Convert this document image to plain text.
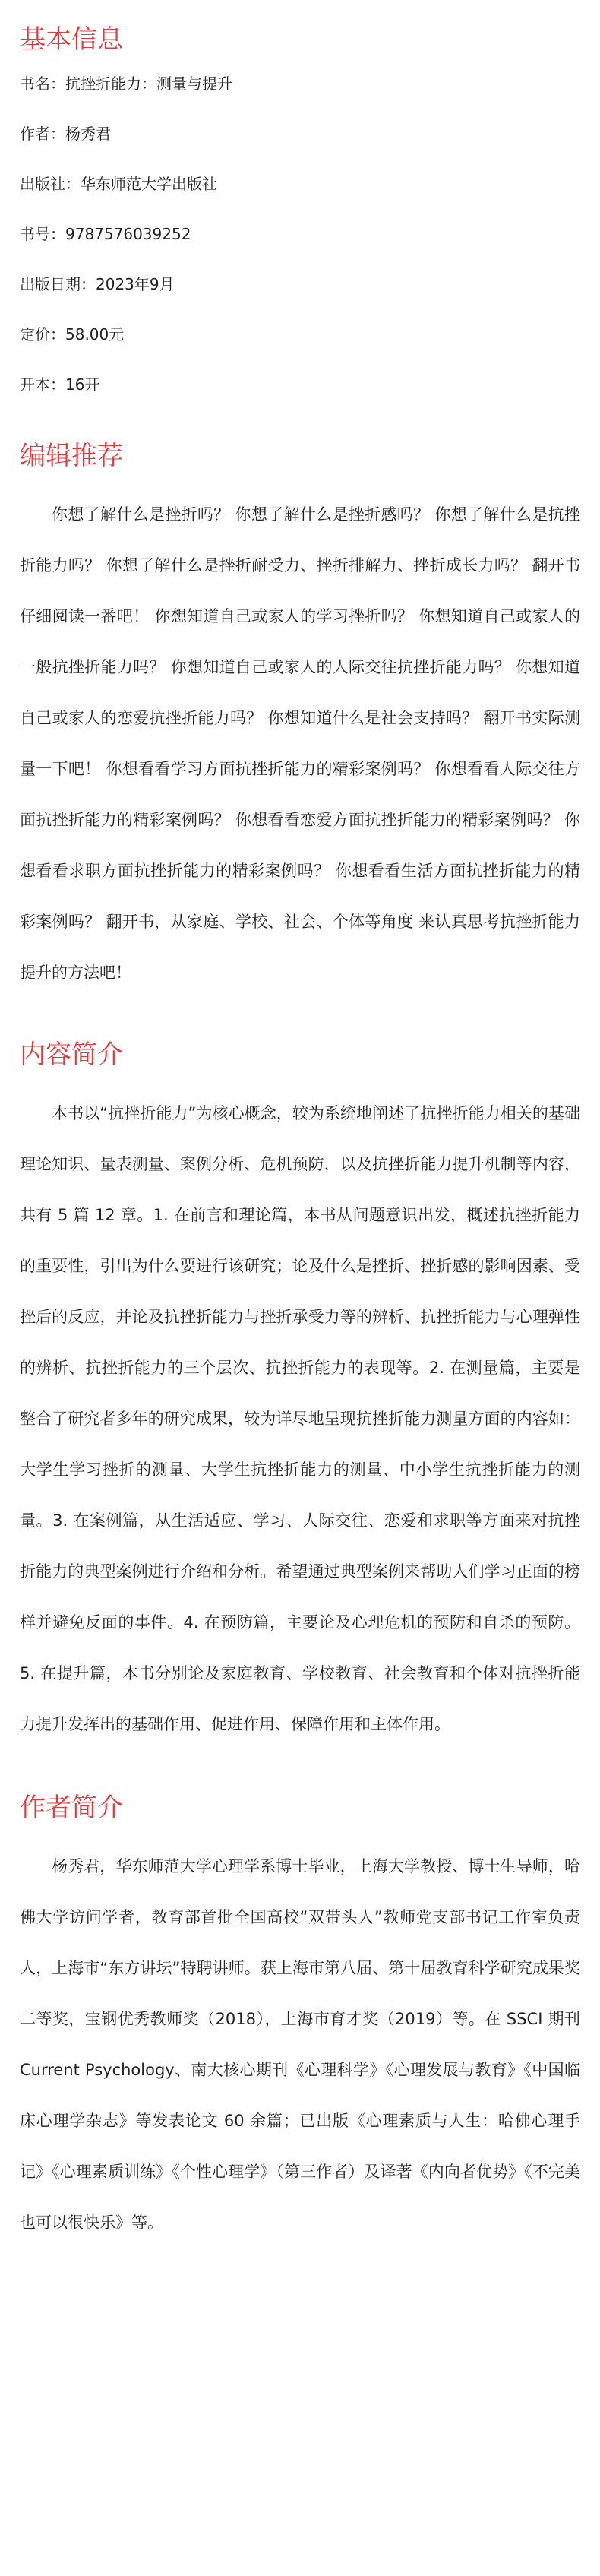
基本信息
书名 ： 抗挫折能力：测量与提升
作者 ： 杨秀君
出版社 ： 华东师范大学出版社
书号 ： 9787576039252
出版日期 ： 2023年9月
定价 ： 58.00元
开本 ： 16开
编辑推荐

你想了解什么是挫折吗？ 你想了解什么是挫折感吗？ 你想了解什么是抗挫折能力吗？ 你想了解什么是挫折耐受力、挫折排解力、挫折成长力吗？ 翻开书仔细阅读一番吧！ 你想知道自己或家人的学习挫折吗？ 你想知道自己或家人的一般抗挫折能力吗？ 你想知道自己或家人的人际交往抗挫折能力吗？ 你想知道自己或家人的恋爱抗挫折能力吗？ 你想知道什么是社会支持吗？ 翻开书实际测量一下吧！ 你想看看学习方面抗挫折能力的精彩案例吗？ 你想看看人际交往方面抗挫折能力的精彩案例吗？ 你想看看恋爱方面抗挫折能力的精彩案例吗？ 你想看看求职方面抗挫折能力的精彩案例吗？ 你想看看生活方面抗挫折能力的精彩案例吗？ 翻开书，从家庭、学校、社会、个体等角度 来认真思考抗挫折能力提升的方法吧！

内容简介

本书以“抗挫折能力”为核心概念，较为系统地阐述了抗挫折能力相关的基础理论知识、量表测量、案例分析、危机预防，以及抗挫折能力提升机制等内容，共有 5 篇 12 章。1. 在前言和理论篇，本书从问题意识出发，概述抗挫折能力的重要性，引出为什么要进行该研究；论及什么是挫折、挫折感的影响因素、受挫后的反应，并论及抗挫折能力与挫折承受力等的辨析、抗挫折能力与心理弹性的辨析、抗挫折能力的三个层次、抗挫折能力的表现等。2. 在测量篇，主要是整合了研究者多年的研究成果，较为详尽地呈现抗挫折能力测量方面的内容如：大学生学习挫折的测量、大学生抗挫折能力的测量、中小学生抗挫折能力的测量。3. 在案例篇，从生活适应、学习、人际交往、恋爱和求职等方面来对抗挫折能力的典型案例进行介绍和分析。希望通过典型案例来帮助人们学习正面的榜样并避免反面的事件。4. 在预防篇，主要论及心理危机的预防和自杀的预防。5. 在提升篇，本书分别论及家庭教育、学校教育、社会教育和个体对抗挫折能力提升发挥出的基础作用、促进作用、保障作用和主体作用。

作者简介

杨秀君，华东师范大学心理学系博士毕业，上海大学教授、博士生导师，哈佛大学访问学者，教育部首批全国高校“双带头人”教师党支部书记工作室负责人，上海市“东方讲坛”特聘讲师。获上海市第八届、第十届教育科学研究成果奖二等奖，宝钢优秀教师奖（2018），上海市育才奖（2019）等。在 SSCI 期刊 Current Psychology、南大核心期刊《心理科学》《心理发展与教育》《中国临床心理学杂志》等发表论文 60 余篇；已出版《心理素质与人生：哈佛心理手记》《心理素质训练》《个性心理学》（第三作者）及译著《内向者优势》《不完美也可以很快乐》等。
